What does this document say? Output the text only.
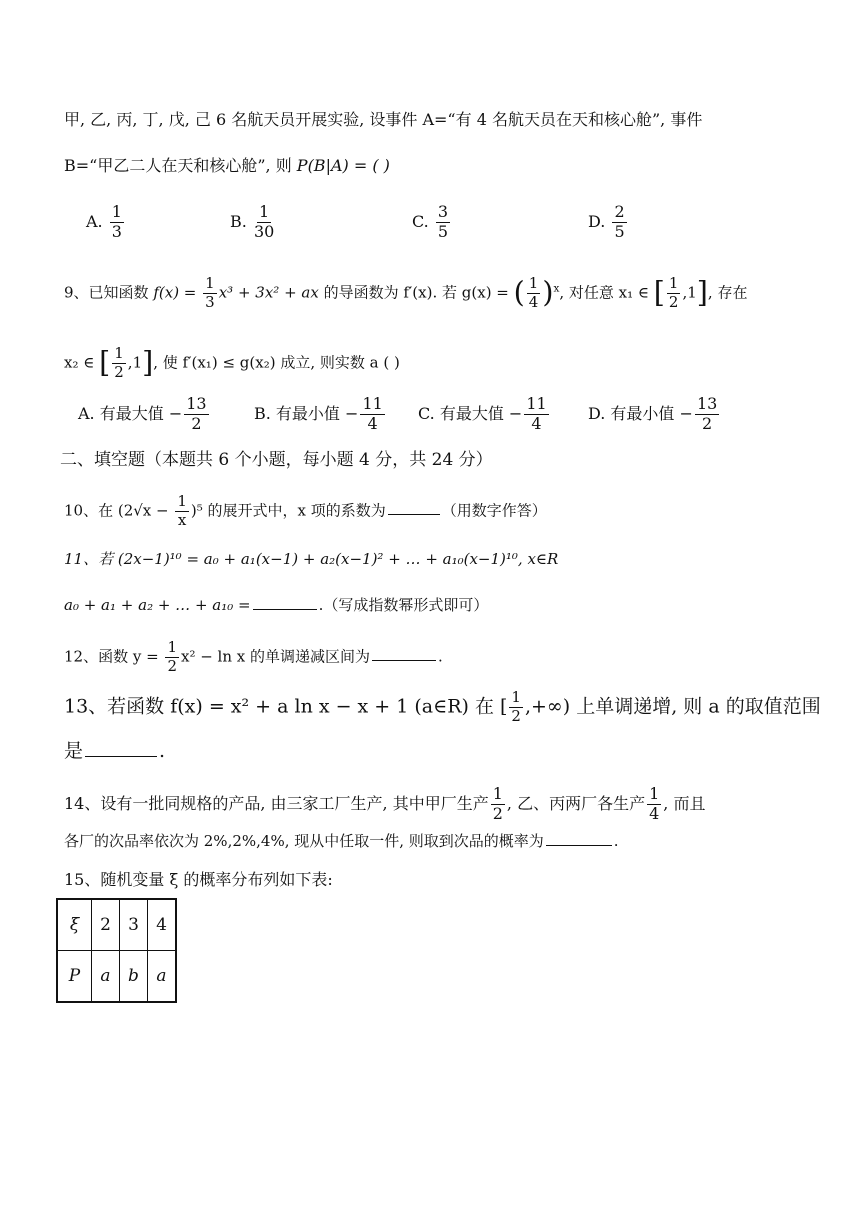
甲, 乙, 丙, 丁, 戊, 己 6 名航天员开展实验, 设事件 A=“有 4 名航天员在天和核心舱”, 事件
B=“甲乙二人在天和核心舱”, 则 P(B|A) = ( )
A. $\frac{1}{3}$	B. $\frac{1}{30}$	C. $\frac{3}{5}$	D. $\frac{2}{5}$
9、已知函数 $f(x) = \frac{1}{3} x^3 + 3x^2$ + ax 的导函数为 f′(x). 若 g(x) = ( $\frac{1}{4} )^x$, 对任意 x₁ ∈ [ $\frac{1}{2} ,1$], 存在
x₂ ∈ [ $\frac{1}{2} ,1$], 使 f′(x₁) ≤ g(x₂) 成立, 则实数 a ( )
A. 有最大值 − $\frac{13}{2}$	B. 有最小值 − $\frac{11}{4} C$. 有最大值 − $\frac{11}{4} D$. 有最小值 − $\frac{13}{2}$
二、填空题（本题共 6 个小题，每小题 4 分，共 24 分）
10、在 $(2√x - \frac{1}{x} )^5$ 的展开式中，x 项的系数为	（用数字作答）
11、若 (2x−1)¹⁰ = a₀ + a₁(x−1) + a₂(x−1)² + … + a₁₀(x−1)¹⁰, x∈R
a₀ + a₁ + a₂ + … + a₁₀ =	.（写成指数幂形式即可）
12、函数 $y = \frac{1}{2} x^2 - \ln x$ 的单调递减区间为	.
13、若函数 f(x) = x² + a ln x − x + 1 (a∈R) 在 [ $\frac{1}{2}$ ,+∞) 上单调递增, 则 a 的取值范围
是	.
14、设有一批同规格的产品, 由三家工厂生产, 其中甲厂生产 $\frac{1}{2}$ , 乙、丙两厂各生产 $\frac{1}{4}$ , 而且
各厂的次品率依次为 2%,2%,4%, 现从中任取一件, 则取到次品的概率为	.
15、随机变量 ξ 的概率分布列如下表:
ξ	2	3	4
P	a	b	a
